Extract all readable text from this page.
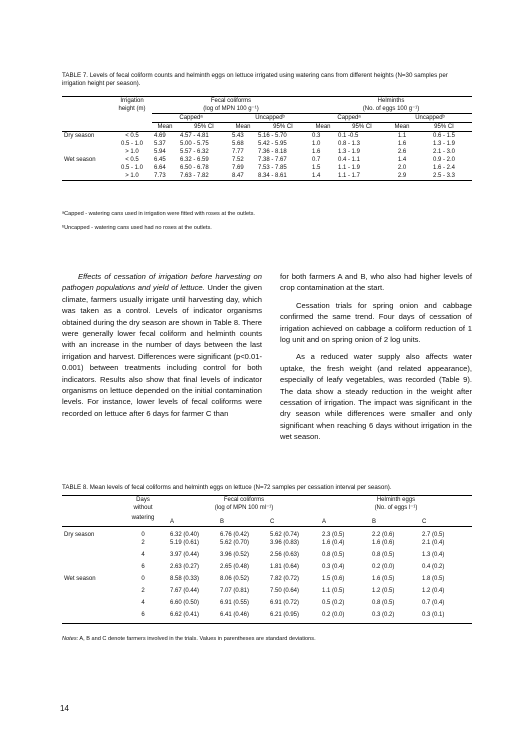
TABLE 7. Levels of fecal coliform counts and helminth eggs on lettuce irrigated using watering cans from different heights (N=30 samples per irrigation height per season).
	Irrigation	Fecal coliforms				Helminths			
	height (m)	(log of MPN 100 g⁻¹)				(No. of eggs 100 g⁻¹)			
		Cappedᵃ		Uncappedᵇ		Cappedᵃ		Uncappedᵇ	
		Mean	95% CI	Mean	95% CI	Mean	95% CI	Mean	95% CI
Dry season	< 0.5	4.69	4.57 - 4.81	5.43	5.16 - 5.70	0.3	0.1 -0.5	1.1	0.6 - 1.5
	0.5 - 1.0	5.37	5.00 - 5.75	5.68	5.42 - 5.95	1.0	0.8 - 1.3	1.6	1.3 - 1.9
	> 1.0	5.94	5.57 - 6.32	7.77	7.36 - 8.18	1.6	1.3 - 1.9	2.6	2.1 - 3.0
Wet season	< 0.5	6.45	6.32 - 6.59	7.52	7.38 - 7.67	0.7	0.4 - 1.1	1.4	0.9 - 2.0
	0.5 - 1.0	6.64	6.50 - 6.78	7.69	7.53 - 7.85	1.5	1.1 - 1.9	2.0	1.6 - 2.4
	> 1.0	7.73	7.63 - 7.82	8.47	8.34 - 8.61	1.4	1.1 - 1.7	2.9	2.5 - 3.3
ᵃCapped - watering cans used in irrigation were fitted with roses at the outlets.
ᵇUncapped - watering cans used had no roses at the outlets.

Effects of cessation of irrigation before harvesting on pathogen populations and yield of lettuce. Under the given climate, farmers usually irrigate until harvesting day, which was taken as a control. Levels of indicator organisms obtained during the dry season are shown in Table 8. There were generally lower fecal coliform and helminth counts with an increase in the number of days between the last irrigation and harvest. Differences were significant (p<0.01-0.001) between treatments including control for both indicators. Results also show that final levels of indicator organisms on lettuce depended on the initial contamination levels. For instance, lower levels of fecal coliforms were recorded on lettuce after 6 days for farmer C than

for both farmers A and B, who also had higher levels of crop contamination at the start.

Cessation trials for spring onion and cabbage confirmed the same trend. Four days of cessation of irrigation achieved on cabbage a coliform reduction of 1 log unit and on spring onion of 2 log units.

As a reduced water supply also affects water uptake, the fresh weight (and related appearance), especially of leafy vegetables, was recorded (Table 9). The data show a steady reduction in the weight after cessation of irrigation. The impact was significant in the dry season while differences were smaller and only significant when reaching 6 days without irrigation in the wet season.

TABLE 8. Mean levels of fecal coliforms and helminth eggs on lettuce (N=72 samples per cessation interval per season).
	Days	Fecal coliforms			Helminth eggs		
	without	(log of MPN 100 ml⁻¹)			(No. of eggs l⁻¹)		
	watering	A	B	C	A	B	C
Dry season	0	6.32 (0.40)	6.76 (0.42)	5.62 (0.74)	2.3 (0.5)	2.2 (0.6)	2.7 (0.5)
	2	5.19 (0.61)	5.62 (0.70)	3.96 (0.83)	1.6 (0.4)	1.6 (0.6)	2.1 (0.4)
	4	3.97 (0.44)	3.96 (0.52)	2.56 (0.63)	0.8 (0.5)	0.8 (0.5)	1.3 (0.4)
	6	2.63 (0.27)	2.65 (0.48)	1.81 (0.64)	0.3 (0.4)	0.2 (0.0)	0.4 (0.2)
Wet season	0	8.58 (0.33)	8.06 (0.52)	7.82 (0.72)	1.5 (0.6)	1.6 (0.5)	1.8 (0.5)
	2	7.67 (0.44)	7.07 (0.81)	7.50 (0.64)	1.1 (0.5)	1.2 (0.5)	1.2 (0.4)
	4	6.60 (0.50)	6.91 (0.55)	6.91 (0.72)	0.5 (0.2)	0.8 (0.5)	0.7 (0.4)
	6	6.62 (0.41)	6.41 (0.46)	6.21 (0.95)	0.2 (0.0)	0.3 (0.2)	0.3 (0.1)
Notes: A, B and C denote farmers involved in the trials. Values in parentheses are standard deviations.
14
